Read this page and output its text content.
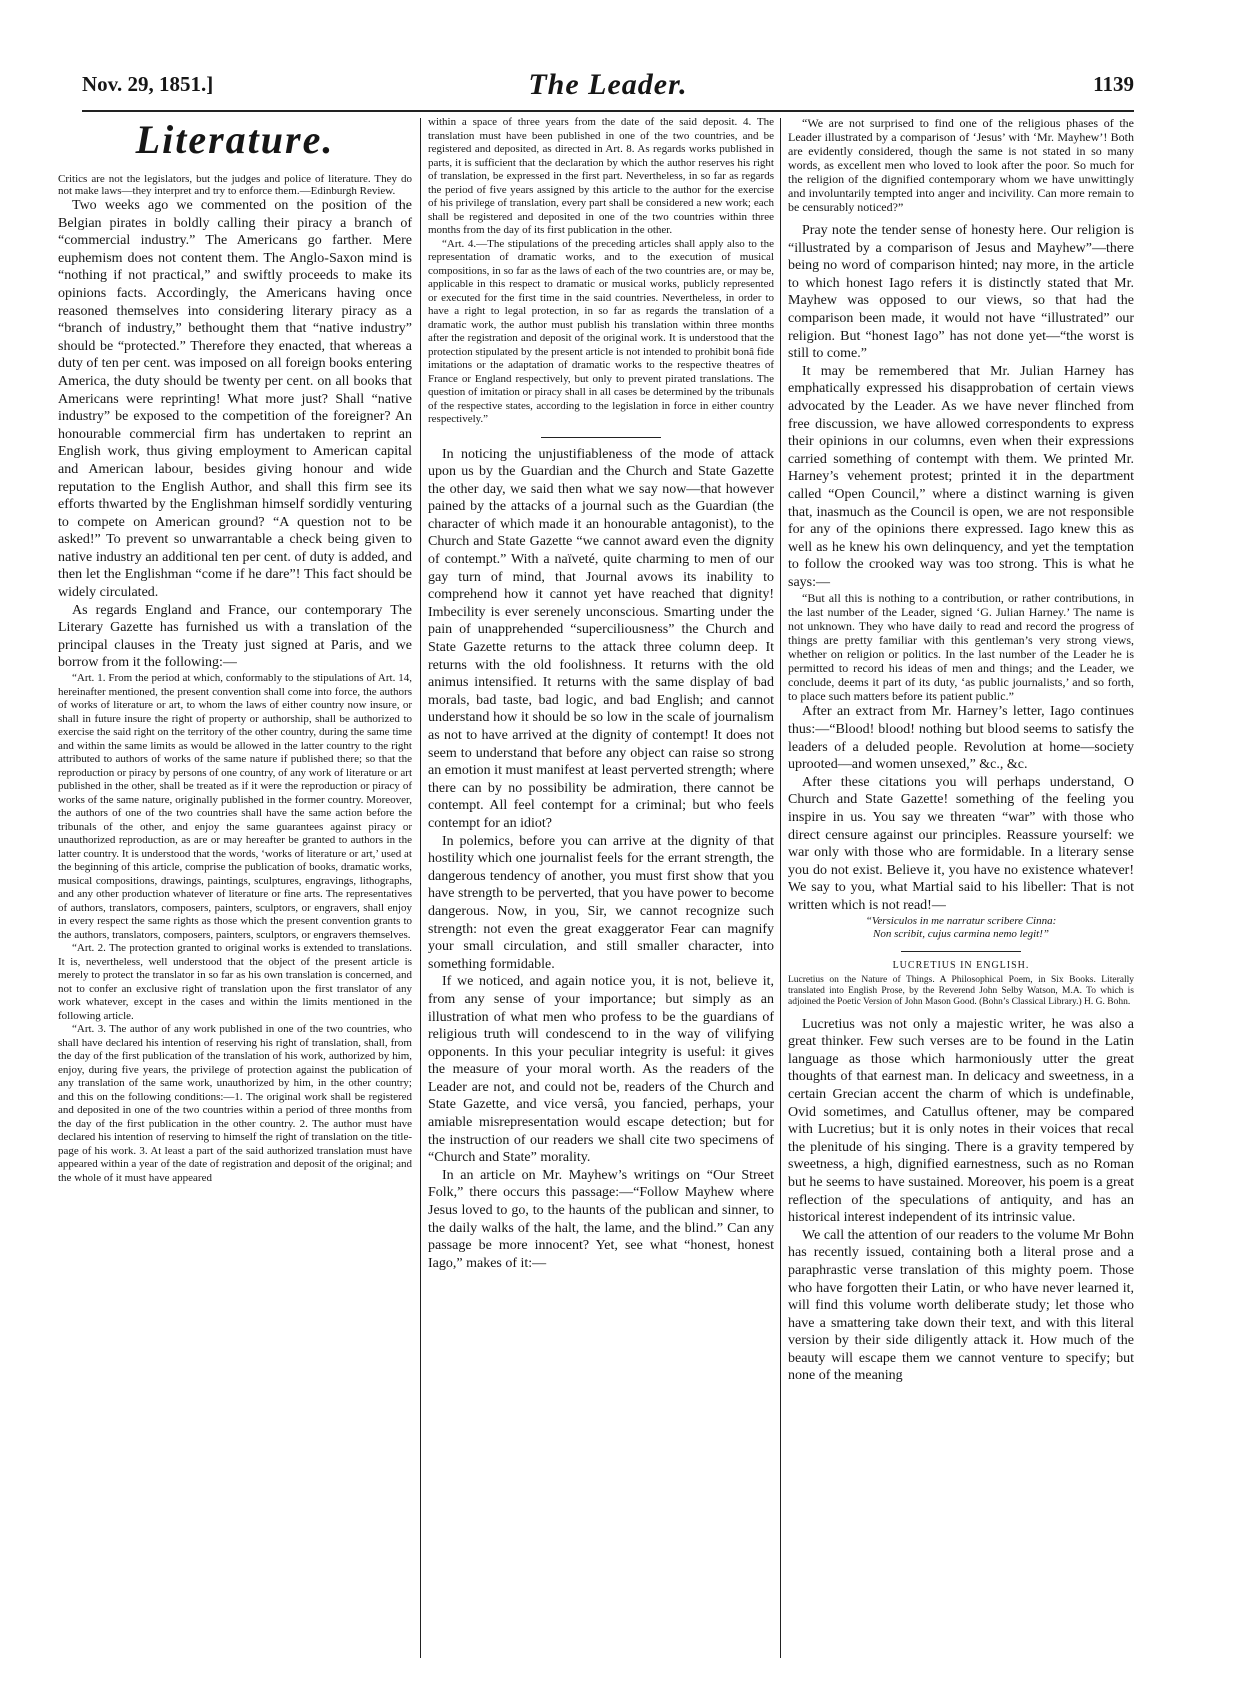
Nov. 29, 1851.]	The Leader.	1139
Literature.

Critics are not the legislators, but the judges and police of literature. They do not make laws—they interpret and try to enforce them.—Edinburgh Review.

Two weeks ago we commented on the position of the Belgian pirates in boldly calling their piracy a branch of “commercial industry.” The Americans go farther. Mere euphemism does not content them. The Anglo-Saxon mind is “nothing if not practical,” and swiftly proceeds to make its opinions facts. Accordingly, the Americans having once reasoned themselves into considering literary piracy as a “branch of industry,” bethought them that “native industry” should be “protected.” Therefore they enacted, that whereas a duty of ten per cent. was imposed on all foreign books entering America, the duty should be twenty per cent. on all books that Americans were reprinting! What more just? Shall “native industry” be exposed to the competition of the foreigner? An honourable commercial firm has undertaken to reprint an English work, thus giving employment to American capital and American labour, besides giving honour and wide reputation to the English Author, and shall this firm see its efforts thwarted by the Englishman himself sordidly venturing to compete on American ground? “A question not to be asked!” To prevent so unwarrantable a check being given to native industry an additional ten per cent. of duty is added, and then let the Englishman “come if he dare”! This fact should be widely circulated.

As regards England and France, our contemporary The Literary Gazette has furnished us with a translation of the principal clauses in the Treaty just signed at Paris, and we borrow from it the following:—

“Art. 1. From the period at which, conformably to the stipulations of Art. 14, hereinafter mentioned, the present convention shall come into force, the authors of works of literature or art, to whom the laws of either country now insure, or shall in future insure the right of property or authorship, shall be authorized to exercise the said right on the territory of the other country, during the same time and within the same limits as would be allowed in the latter country to the right attributed to authors of works of the same nature if published there; so that the reproduction or piracy by persons of one country, of any work of literature or art published in the other, shall be treated as if it were the reproduction or piracy of works of the same nature, originally published in the former country. Moreover, the authors of one of the two countries shall have the same action before the tribunals of the other, and enjoy the same guarantees against piracy or unauthorized reproduction, as are or may hereafter be granted to authors in the latter country. It is understood that the words, ‘works of literature or art,’ used at the beginning of this article, comprise the publication of books, dramatic works, musical compositions, drawings, paintings, sculptures, engravings, lithographs, and any other production whatever of literature or fine arts. The representatives of authors, translators, composers, painters, sculptors, or engravers, shall enjoy in every respect the same rights as those which the present convention grants to the authors, translators, composers, painters, sculptors, or engravers themselves.

“Art. 2. The protection granted to original works is extended to translations. It is, nevertheless, well understood that the object of the present article is merely to protect the translator in so far as his own translation is concerned, and not to confer an exclusive right of translation upon the first translator of any work whatever, except in the cases and within the limits mentioned in the following article.

“Art. 3. The author of any work published in one of the two countries, who shall have declared his intention of reserving his right of translation, shall, from the day of the first publication of the translation of his work, authorized by him, enjoy, during five years, the privilege of protection against the publication of any translation of the same work, unauthorized by him, in the other country; and this on the following conditions:—1. The original work shall be registered and deposited in one of the two countries within a period of three months from the day of the first publication in the other country. 2. The author must have declared his intention of reserving to himself the right of translation on the title-page of his work. 3. At least a part of the said authorized translation must have appeared within a year of the date of registration and deposit of the original; and the whole of it must have appeared

within a space of three years from the date of the said deposit. 4. The translation must have been published in one of the two countries, and be registered and deposited, as directed in Art. 8. As regards works published in parts, it is sufficient that the declaration by which the author reserves his right of translation, be expressed in the first part. Nevertheless, in so far as regards the period of five years assigned by this article to the author for the exercise of his privilege of translation, every part shall be considered a new work; each shall be registered and deposited in one of the two countries within three months from the day of its first publication in the other.

“Art. 4.—The stipulations of the preceding articles shall apply also to the representation of dramatic works, and to the execution of musical compositions, in so far as the laws of each of the two countries are, or may be, applicable in this respect to dramatic or musical works, publicly represented or executed for the first time in the said countries. Nevertheless, in order to have a right to legal protection, in so far as regards the translation of a dramatic work, the author must publish his translation within three months after the registration and deposit of the original work. It is understood that the protection stipulated by the present article is not intended to prohibit bonâ fide imitations or the adaptation of dramatic works to the respective theatres of France or England respectively, but only to prevent pirated translations. The question of imitation or piracy shall in all cases be determined by the tribunals of the respective states, according to the legislation in force in either country respectively.”

In noticing the unjustifiableness of the mode of attack upon us by the Guardian and the Church and State Gazette the other day, we said then what we say now—that however pained by the attacks of a journal such as the Guardian (the character of which made it an honourable antagonist), to the Church and State Gazette “we cannot award even the dignity of contempt.” With a naïveté, quite charming to men of our gay turn of mind, that Journal avows its inability to comprehend how it cannot yet have reached that dignity! Imbecility is ever serenely unconscious. Smarting under the pain of unapprehended “superciliousness” the Church and State Gazette returns to the attack three column deep. It returns with the old foolishness. It returns with the old animus intensified. It returns with the same display of bad morals, bad taste, bad logic, and bad English; and cannot understand how it should be so low in the scale of journalism as not to have arrived at the dignity of contempt! It does not seem to understand that before any object can raise so strong an emotion it must manifest at least perverted strength; where there can by no possibility be admiration, there cannot be contempt. All feel contempt for a criminal; but who feels contempt for an idiot?

In polemics, before you can arrive at the dignity of that hostility which one journalist feels for the errant strength, the dangerous tendency of another, you must first show that you have strength to be perverted, that you have power to become dangerous. Now, in you, Sir, we cannot recognize such strength: not even the great exaggerator Fear can magnify your small circulation, and still smaller character, into something formidable.

If we noticed, and again notice you, it is not, believe it, from any sense of your importance; but simply as an illustration of what men who profess to be the guardians of religious truth will condescend to in the way of vilifying opponents. In this your peculiar integrity is useful: it gives the measure of your moral worth. As the readers of the Leader are not, and could not be, readers of the Church and State Gazette, and vice versâ, you fancied, perhaps, your amiable misrepresentation would escape detection; but for the instruction of our readers we shall cite two specimens of “Church and State” morality.

In an article on Mr. Mayhew’s writings on “Our Street Folk,” there occurs this passage:—“Follow Mayhew where Jesus loved to go, to the haunts of the publican and sinner, to the daily walks of the halt, the lame, and the blind.” Can any passage be more innocent? Yet, see what “honest, honest Iago,” makes of it:—

“We are not surprised to find one of the religious phases of the Leader illustrated by a comparison of ‘Jesus’ with ‘Mr. Mayhew’! Both are evidently considered, though the same is not stated in so many words, as excellent men who loved to look after the poor. So much for the religion of the dignified contemporary whom we have unwittingly and involuntarily tempted into anger and incivility. Can more remain to be censurably noticed?”

Pray note the tender sense of honesty here. Our religion is “illustrated by a comparison of Jesus and Mayhew”—there being no word of comparison hinted; nay more, in the article to which honest Iago refers it is distinctly stated that Mr. Mayhew was opposed to our views, so that had the comparison been made, it would not have “illustrated” our religion. But “honest Iago” has not done yet—“the worst is still to come.”

It may be remembered that Mr. Julian Harney has emphatically expressed his disapprobation of certain views advocated by the Leader. As we have never flinched from free discussion, we have allowed correspondents to express their opinions in our columns, even when their expressions carried something of contempt with them. We printed Mr. Harney’s vehement protest; printed it in the department called “Open Council,” where a distinct warning is given that, inasmuch as the Council is open, we are not responsible for any of the opinions there expressed. Iago knew this as well as he knew his own delinquency, and yet the temptation to follow the crooked way was too strong. This is what he says:—

“But all this is nothing to a contribution, or rather contributions, in the last number of the Leader, signed ‘G. Julian Harney.’ The name is not unknown. They who have daily to read and record the progress of things are pretty familiar with this gentleman’s very strong views, whether on religion or politics. In the last number of the Leader he is permitted to record his ideas of men and things; and the Leader, we conclude, deems it part of its duty, ‘as public journalists,’ and so forth, to place such matters before its patient public.”

After an extract from Mr. Harney’s letter, Iago continues thus:—“Blood! blood! nothing but blood seems to satisfy the leaders of a deluded people. Revolution at home—society uprooted—and women unsexed,” &c., &c.

After these citations you will perhaps understand, O Church and State Gazette! something of the feeling you inspire in us. You say we threaten “war” with those who direct censure against our principles. Reassure yourself: we war only with those who are formidable. In a literary sense you do not exist. Believe it, you have no existence whatever! We say to you, what Martial said to his libeller: That is not written which is not read!—

“Versiculos in me narratur scribere Cinna:

Non scribit, cujus carmina nemo legit!”

LUCRETIUS IN ENGLISH.

Lucretius on the Nature of Things. A Philosophical Poem, in Six Books. Literally translated into English Prose, by the Reverend John Selby Watson, M.A. To which is adjoined the Poetic Version of John Mason Good. (Bohn’s Classical Library.) H. G. Bohn.

Lucretius was not only a majestic writer, he was also a great thinker. Few such verses are to be found in the Latin language as those which harmoniously utter the great thoughts of that earnest man. In delicacy and sweetness, in a certain Grecian accent the charm of which is undefinable, Ovid sometimes, and Catullus oftener, may be compared with Lucretius; but it is only notes in their voices that recal the plenitude of his singing. There is a gravity tempered by sweetness, a high, dignified earnestness, such as no Roman but he seems to have sustained. Moreover, his poem is a great reflection of the speculations of antiquity, and has an historical interest independent of its intrinsic value.

We call the attention of our readers to the volume Mr Bohn has recently issued, containing both a literal prose and a paraphrastic verse translation of this mighty poem. Those who have forgotten their Latin, or who have never learned it, will find this volume worth deliberate study; let those who have a smattering take down their text, and with this literal version by their side diligently attack it. How much of the beauty will escape them we cannot venture to specify; but none of the meaning
